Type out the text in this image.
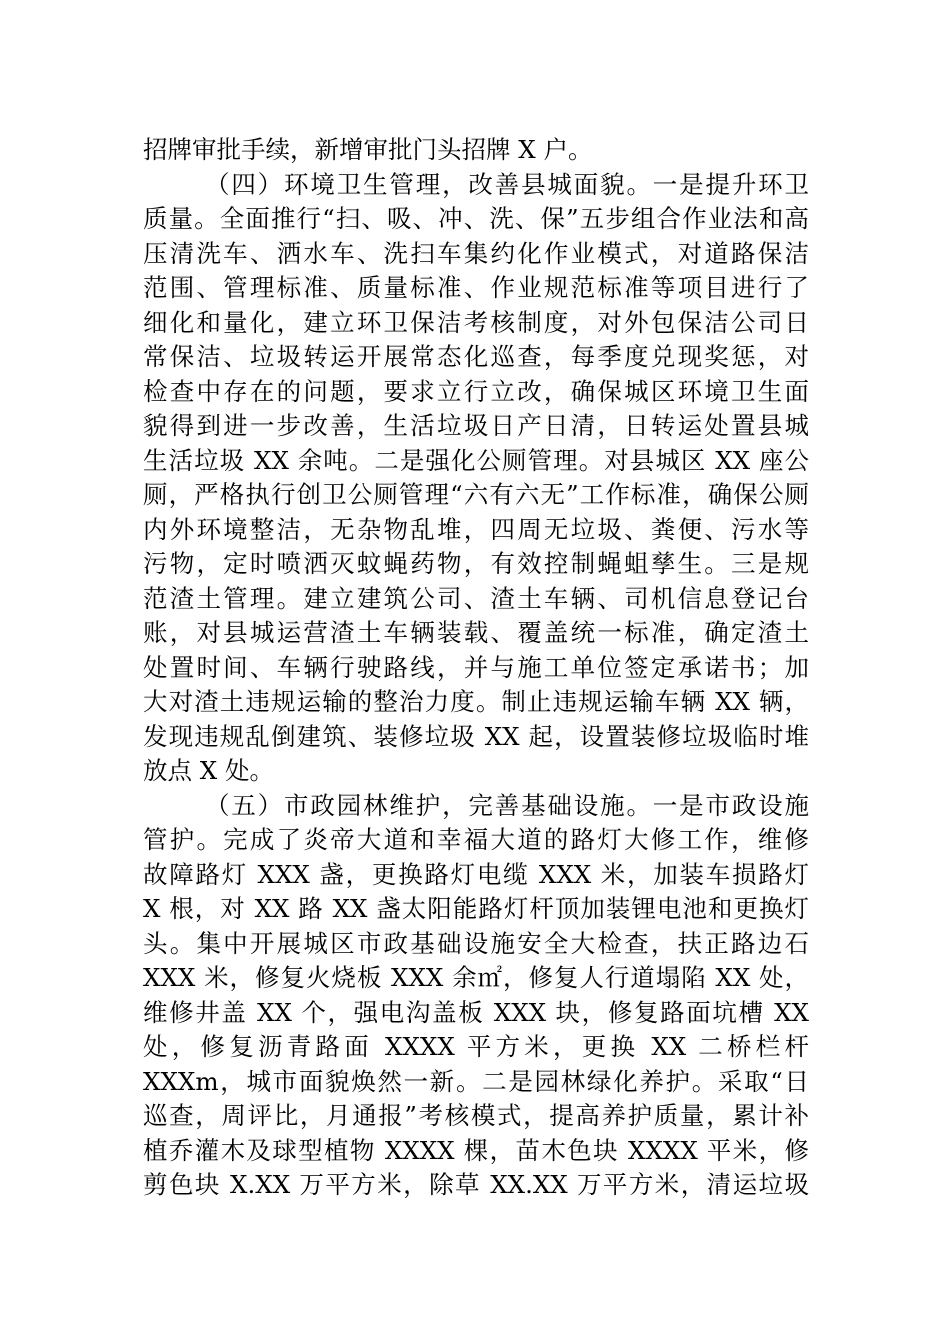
招牌审批手续，新增审批门头招牌 X 户。
（四）环境卫生管理，改善县城面貌。一是提升环卫
质量。全面推行“扫、吸、冲、洗、保”五步组合作业法和高
压清洗车、洒水车、洗扫车集约化作业模式，对道路保洁
范围、管理标准、质量标准、作业规范标准等项目进行了
细化和量化，建立环卫保洁考核制度，对外包保洁公司日
常保洁、垃圾转运开展常态化巡查，每季度兑现奖惩，对
检查中存在的问题，要求立行立改，确保城区环境卫生面
貌得到进一步改善，生活垃圾日产日清，日转运处置县城
生活垃圾 XX 余吨。二是强化公厕管理。对县城区 XX 座公
厕，严格执行创卫公厕管理“六有六无”工作标准，确保公厕
内外环境整洁，无杂物乱堆，四周无垃圾、粪便、污水等
污物，定时喷洒灭蚊蝇药物，有效控制蝇蛆孳生。三是规
范渣土管理。建立建筑公司、渣土车辆、司机信息登记台
账，对县城运营渣土车辆装载、覆盖统一标准，确定渣土
处置时间、车辆行驶路线，并与施工单位签定承诺书；加
大对渣土违规运输的整治力度。制止违规运输车辆 XX 辆，
发现违规乱倒建筑、装修垃圾 XX 起，设置装修垃圾临时堆
放点 X 处。
（五）市政园林维护，完善基础设施。一是市政设施
管护。完成了炎帝大道和幸福大道的路灯大修工作，维修
故障路灯 XXX 盏，更换路灯电缆 XXX 米，加装车损路灯
X 根，对 XX 路 XX 盏太阳能路灯杆顶加装锂电池和更换灯
头。集中开展城区市政基础设施安全大检查，扶正路边石
XXX 米，修复火烧板 XXX 余㎡，修复人行道塌陷 XX 处，
维修井盖 XX 个，强电沟盖板 XXX 块，修复路面坑槽 XX
处，修复沥青路面 XXXX 平方米，更换 XX 二桥栏杆
XXXm，城市面貌焕然一新。二是园林绿化养护。采取“日
巡查，周评比，月通报”考核模式，提高养护质量，累计补
植乔灌木及球型植物 XXXX 棵，苗木色块 XXXX 平米，修
剪色块 X.XX 万平方米，除草 XX.XX 万平方米，清运垃圾
